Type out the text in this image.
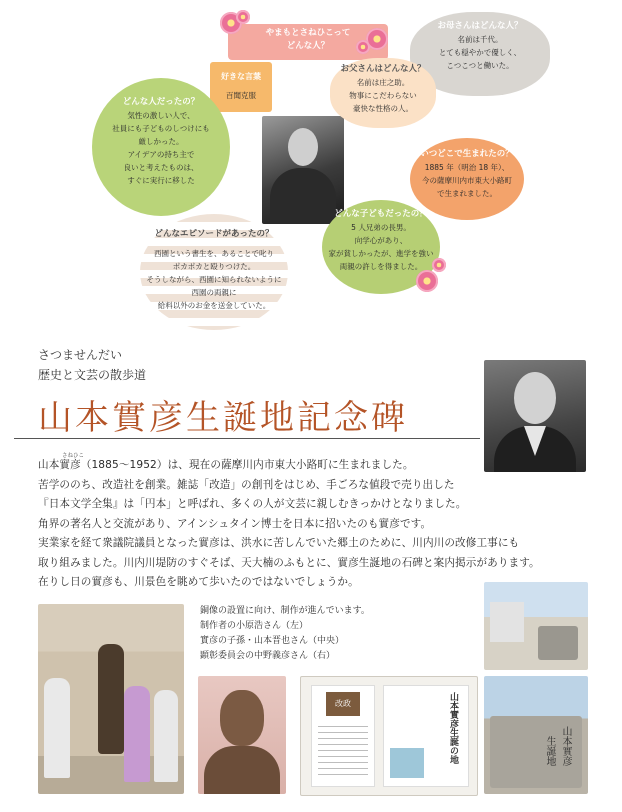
やまもとさねひこって
どんな人？
好きな言葉
百聞克服
どんな人だったの？
気性の激しい人で、
社員にも子どものしつけにも
厳しかった。
アイデアの持ち主で
良いと考えたものは、
すぐに実行に移した
お母さんはどんな人？
名前は千代。
とても穏やかで優しく、
こつこつと働いた。
お父さんはどんな人？
名前は庄之助。
物事にこだわらない
豪快な性格の人。
いつどこで生まれたの？
1885 年（明治 18 年）、
今の薩摩川内市東大小路町
で生まれました。
どんな子どもだったの？
5 人兄弟の長男。
向学心があり、
家が貧しかったが、進学を強い
両親の許しを得ました。
どんなエピソードがあったの？
西園という書生を、あることで叱り
ポカポカと殴りつけた。
そうしながら、西園に知られないように
西園の両親に
給料以外のお金を送金していた。
さつませんだい
歴史と文芸の散歩道
山本實彦生誕地記念碑
さねひこ
山本實彦（1885～1952）は、現在の薩摩川内市東大小路町に生まれました。
苦学ののち、改造社を創業。雑誌「改造」の創刊をはじめ、手ごろな値段で売り出した
『日本文学全集』は「円本」と呼ばれ、多くの人が文芸に親しむきっかけとなりました。
角界の著名人と交流があり、アインシュタイン博士を日本に招いたのも實彦です。
実業家を経て衆議院議員となった實彦は、洪水に苦しんでいた郷土のために、川内川の改修工事にも
取り組みました。川内川堤防のすぐそば、天大楠のふもとに、實彦生誕地の石碑と案内掲示があります。
在りし日の實彦も、川景色を眺めて歩いたのではないでしょうか。
銅像の設置に向け、制作が進んでいます。
制作者の小原浩さん（左）
實彦の子孫・山本晋也さん（中央）
顕彰委員会の中野義彦さん（右）
改政	山本實彦生誕の地	山本實彦
生誕地
